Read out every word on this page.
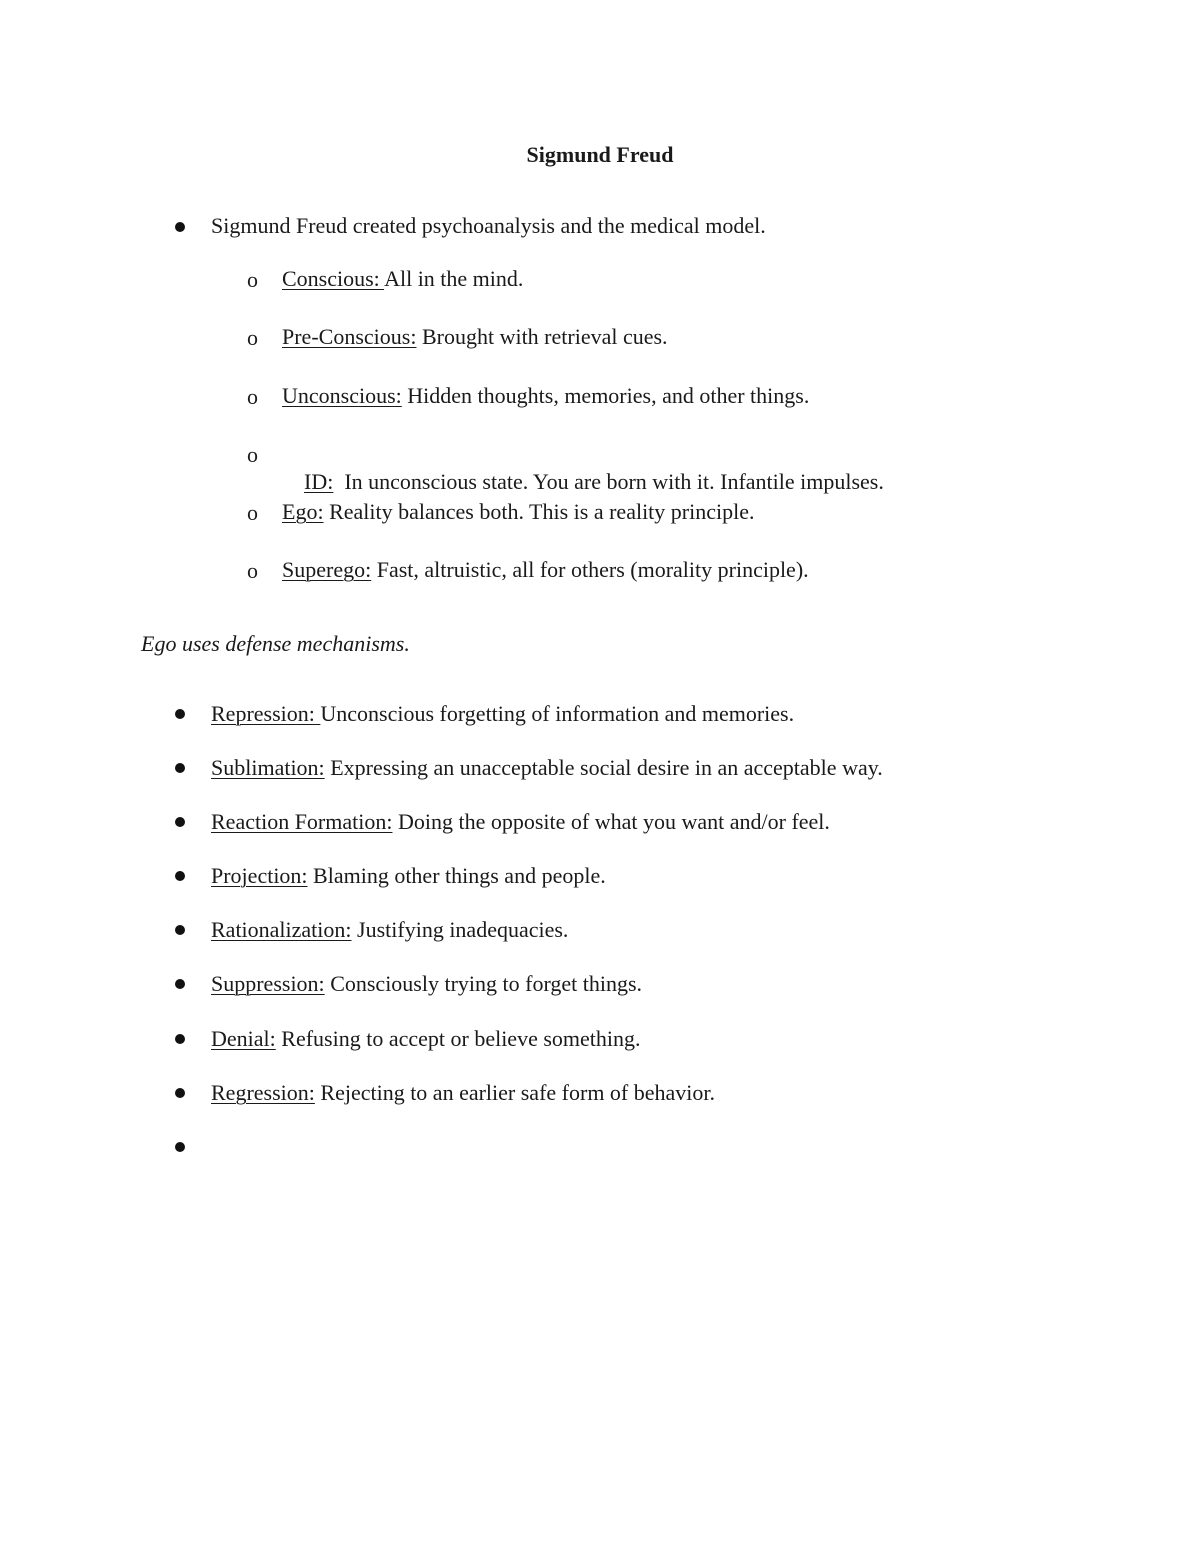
Sigmund Freud
Sigmund Freud created psychoanalysis and the medical model.
o Conscious: All in the mind.
o Pre-Conscious: Brought with retrieval cues.
o Unconscious: Hidden thoughts, memories, and other things.
o

ID:  In unconscious state. You are born with it. Infantile impulses.

o Ego: Reality balances both. This is a reality principle.
o Superego: Fast, altruistic, all for others (morality principle).
Ego uses defense mechanisms.
Repression: Unconscious forgetting of information and memories.
Sublimation: Expressing an unacceptable social desire in an acceptable way.
Reaction Formation: Doing the opposite of what you want and/or feel.
Projection: Blaming other things and people.
Rationalization: Justifying inadequacies.
Suppression: Consciously trying to forget things.
Denial: Refusing to accept or believe something.
Regression: Rejecting to an earlier safe form of behavior.
